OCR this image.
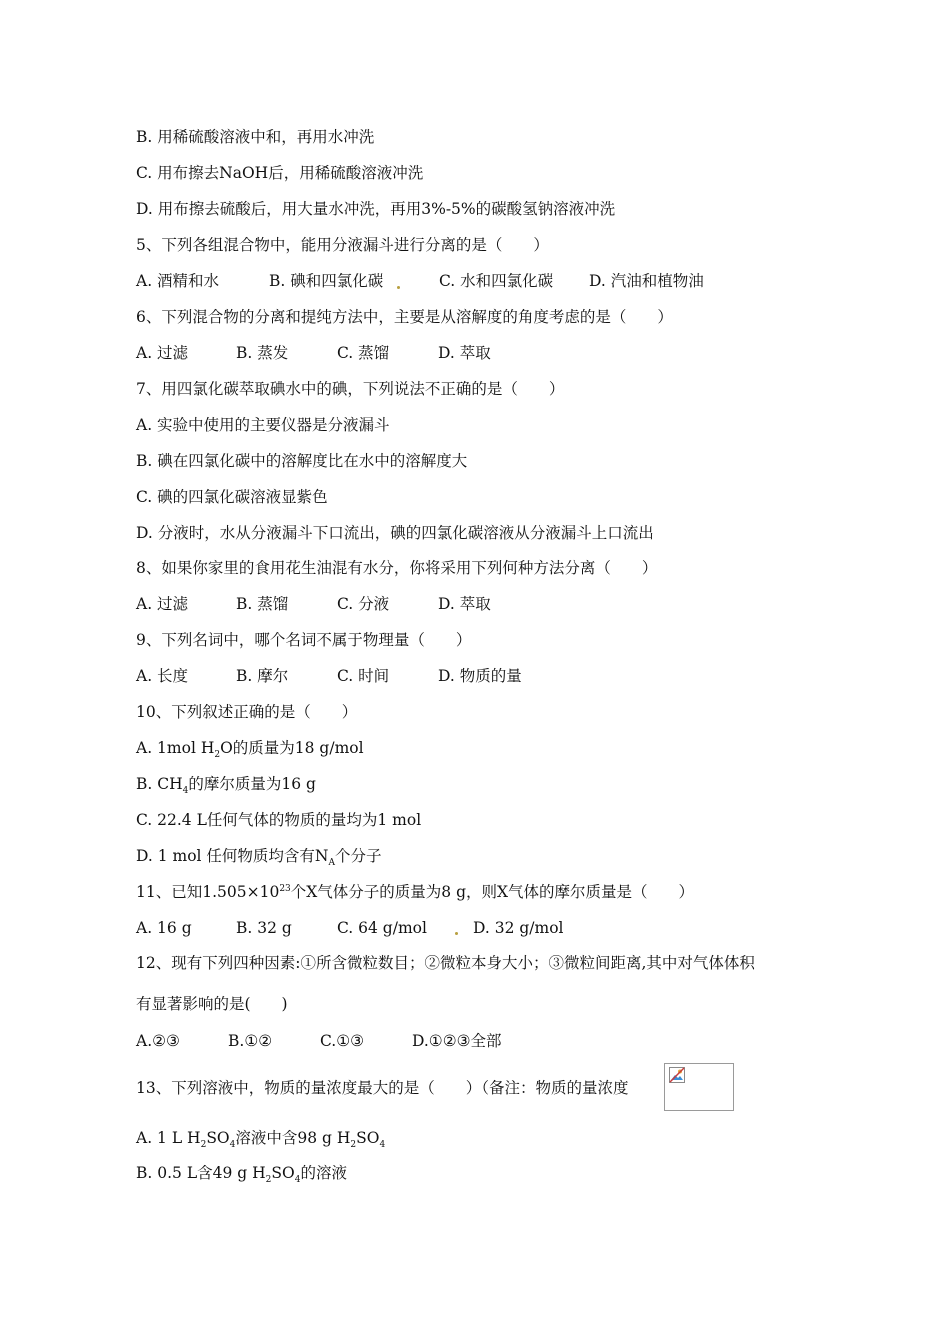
B. 用稀硫酸溶液中和，再用水冲洗
C. 用布擦去NaOH后，用稀硫酸溶液冲洗
D. 用布擦去硫酸后，用大量水冲洗，再用3%-5%的碳酸氢钠溶液冲洗
5、下列各组混合物中，能用分液漏斗进行分离的是（　　）
A. 酒精和水	B. 碘和四氯化碳	C. 水和四氯化碳 D. 汽油和植物油
6、下列混合物的分离和提纯方法中，主要是从溶解度的角度考虑的是（　　）
A. 过滤	B. 蒸发	C. 蒸馏	D. 萃取
7、用四氯化碳萃取碘水中的碘，下列说法不正确的是（　　）
A. 实验中使用的主要仪器是分液漏斗
B. 碘在四氯化碳中的溶解度比在水中的溶解度大
C. 碘的四氯化碳溶液显紫色
D. 分液时，水从分液漏斗下口流出，碘的四氯化碳溶液从分液漏斗上口流出
8、如果你家里的食用花生油混有水分，你将采用下列何种方法分离（　　）
A. 过滤	B. 蒸馏	C. 分液	D. 萃取
9、下列名词中，哪个名词不属于物理量（　　）
A. 长度	B. 摩尔	C. 时间	D. 物质的量
10、下列叙述正确的是（　　）
A. 1mol $H_2O$的质量为18 g/mol
B. $CH_4$的摩尔质量为16 g
C. 22.4 L任何气体的物质的量均为1 mol
D. 1 mol 任何物质均含有$N_A$个分子
11、已知$1.505\times 10^{23}$个X气体分子的质量为8 g，则X气体的摩尔质量是（　　）
A. 16 g	B. 32 g	C. 64 g/mol	D. 32 g/mol
12、现有下列四种因素:①所含微粒数目；②微粒本身大小；③微粒间距离,其中对气体体积
有显著影响的是(　　)
A.②③	B.①②	C.①③	D.①②③全部
13、下列溶液中，物质的量浓度最大的是（　　）（备注：物质的量浓度
A. 1 L $H_2SO_4$溶液中含98 g $H_2SO_4$
B. 0.5 L含49 g $H_2SO_4$的溶液
